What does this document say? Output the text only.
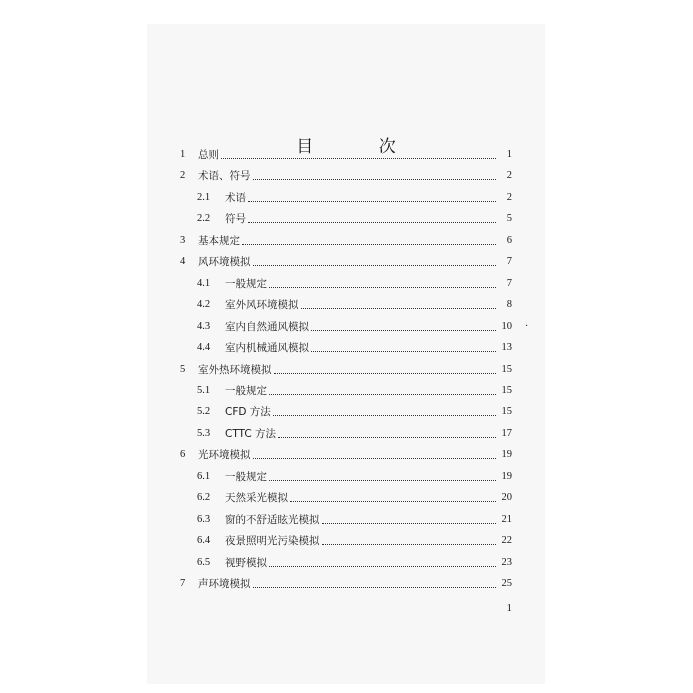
目 次
1	总则	1
2	术语、符号	2
2.1	术语	2
2.2	符号	5
3	基本规定	6
4	风环境模拟	7
4.1	一般规定	7
4.2	室外风环境模拟	8
4.3	室内自然通风模拟	10
4.4	室内机械通风模拟	13
5	室外热环境模拟	15
5.1	一般规定	15
5.2	CFD 方法	15
5.3	CTTC 方法	17
6	光环境模拟	19
6.1	一般规定	19
6.2	天然采光模拟	20
6.3	窗的不舒适眩光模拟	21
6.4	夜景照明光污染模拟	22
6.5	视野模拟	23
7	声环境模拟	25
.
1
